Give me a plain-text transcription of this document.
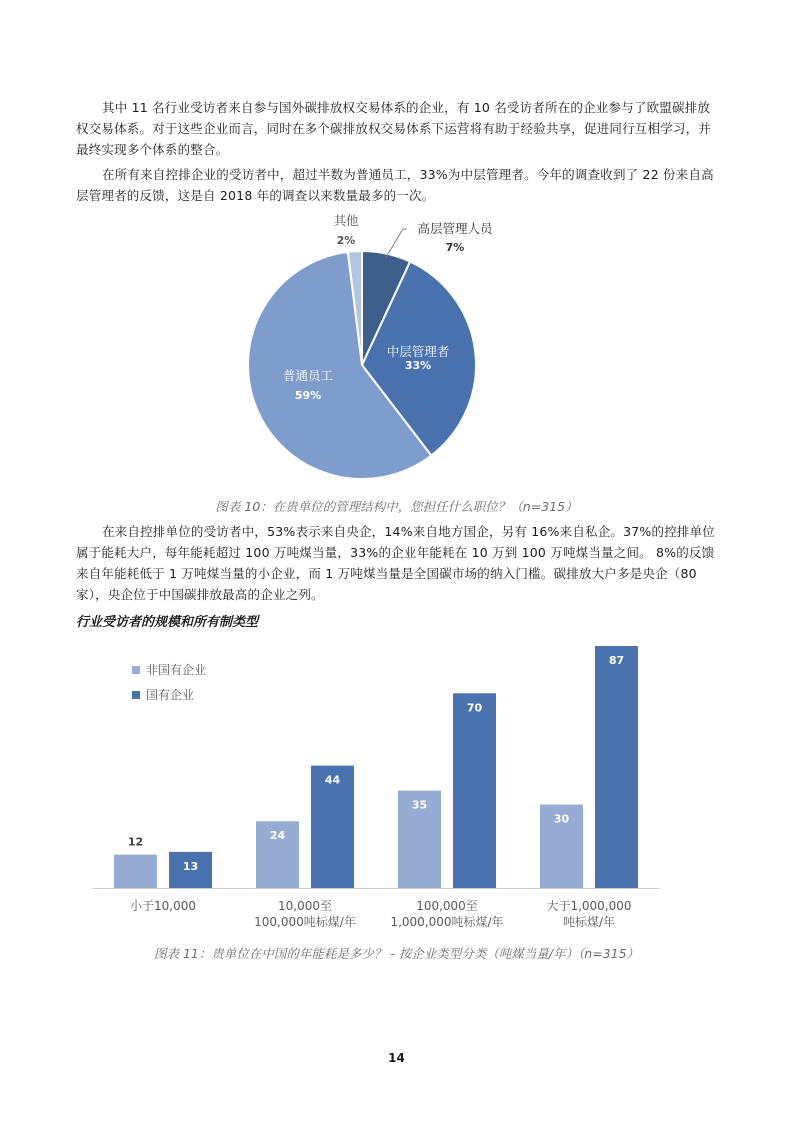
其中 11 名行业受访者来自参与国外碳排放权交易体系的企业，有 10 名受访者所在的企业参与了欧盟碳排放权交易体系。对于这些企业而言，同时在多个碳排放权交易体系下运营将有助于经验共享，促进同行互相学习，并最终实现多个体系的整合。

在所有来自控排企业的受访者中，超过半数为普通员工，33%为中层管理者。今年的调查收到了 22 份来自高层管理者的反馈，这是自 2018 年的调查以来数量最多的一次。

高层管理人员
7%
中层管理者
33%
普通员工
59%
其他
2%

图表 10：在贵单位的管理结构中，您担任什么职位？（n=315）

在来自控排单位的受访者中，53%表示来自央企，14%来自地方国企，另有 16%来自私企。37%的控排单位属于能耗大户，每年能耗超过 100 万吨煤当量，33%的企业年能耗在 10 万到 100 万吨煤当量之间。 8%的反馈来自年能耗低于 1 万吨煤当量的小企业，而 1 万吨煤当量是全国碳市场的纳入门槛。碳排放大户多是央企（80 家），央企位于中国碳排放最高的企业之列。

行业受访者的规模和所有制类型

12
13
小于10,000
24
44
10,000至
100,000吨标煤/年
35
70
100,000至
1,000,000吨标煤/年
30
87
大于1,000,000
吨标煤/年
非国有企业
国有企业

图表 11：贵单位在中国的年能耗是多少？ - 按企业类型分类（吨煤当量/年）（n=315）

14
